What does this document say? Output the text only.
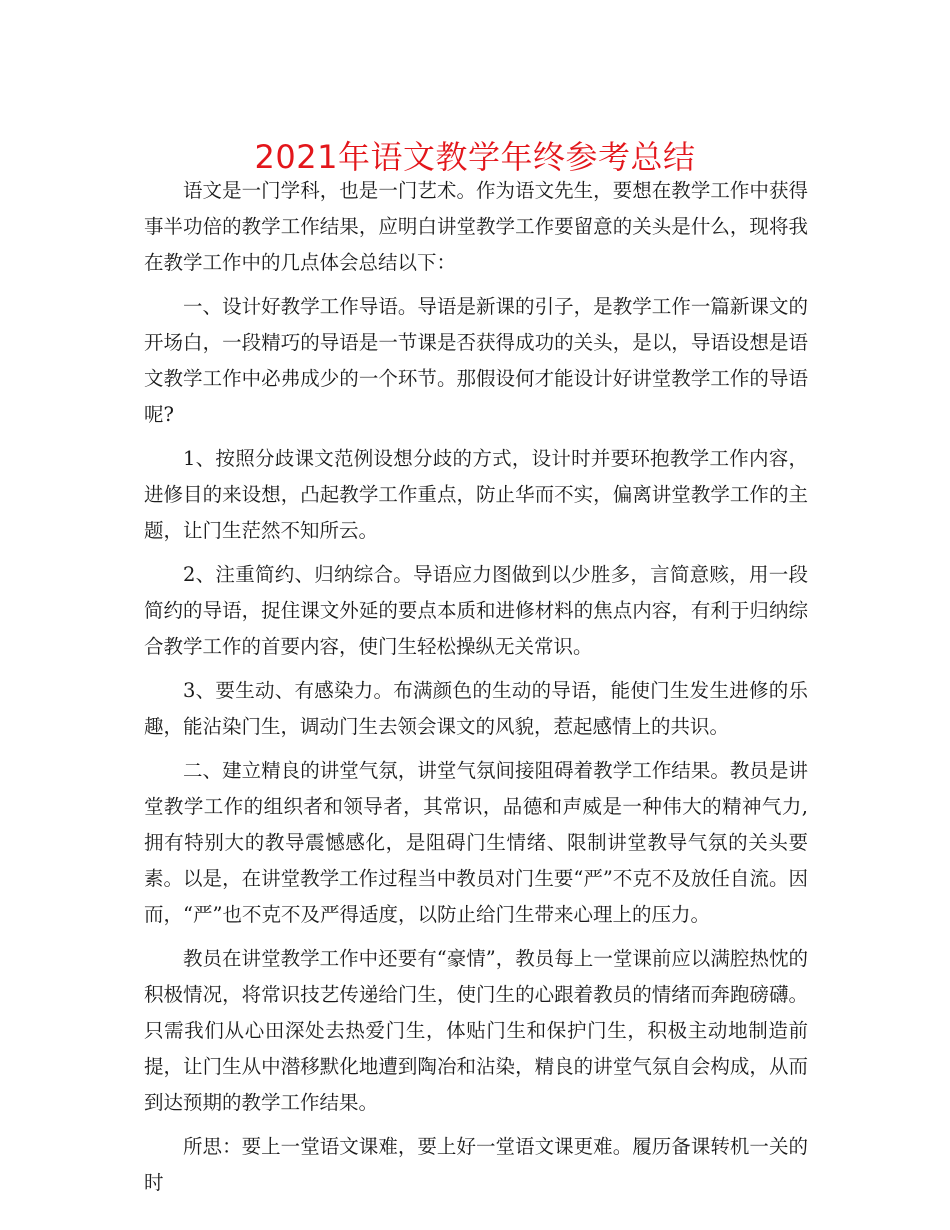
2021年语文教学年终参考总结

语文是一门学科，也是一门艺术。作为语文先生，要想在教学工作中获得事半功倍的教学工作结果，应明白讲堂教学工作要留意的关头是什么，现将我在教学工作中的几点体会总结以下：

一、设计好教学工作导语。导语是新课的引子，是教学工作一篇新课文的开场白，一段精巧的导语是一节课是否获得成功的关头，是以，导语设想是语文教学工作中必弗成少的一个环节。那假设何才能设计好讲堂教学工作的导语呢?

1、按照分歧课文范例设想分歧的方式，设计时并要环抱教学工作内容，进修目的来设想，凸起教学工作重点，防止华而不实，偏离讲堂教学工作的主题，让门生茫然不知所云。

2、注重简约、归纳综合。导语应力图做到以少胜多，言简意赅，用一段简约的导语，捉住课文外延的要点本质和进修材料的焦点内容，有利于归纳综合教学工作的首要内容，使门生轻松操纵无关常识。

3、要生动、有感染力。布满颜色的生动的导语，能使门生发生进修的乐趣，能沾染门生，调动门生去领会课文的风貌，惹起感情上的共识。

二、建立精良的讲堂气氛，讲堂气氛间接阻碍着教学工作结果。教员是讲堂教学工作的组织者和领导者，其常识，品德和声威是一种伟大的精神气力,拥有特别大的教导震憾感化，是阻碍门生情绪、限制讲堂教导气氛的关头要素。以是，在讲堂教学工作过程当中教员对门生要“严”不克不及放任自流。因而，“严”也不克不及严得适度，以防止给门生带来心理上的压力。

教员在讲堂教学工作中还要有“豪情”，教员每上一堂课前应以满腔热忱的积极情况，将常识技艺传递给门生，使门生的心跟着教员的情绪而奔跑磅礴。只需我们从心田深处去热爱门生，体贴门生和保护门生，积极主动地制造前提，让门生从中潜移默化地遭到陶冶和沾染，精良的讲堂气氛自会构成，从而到达预期的教学工作结果。

所思：要上一堂语文课难，要上好一堂语文课更难。履历备课转机一关的时
